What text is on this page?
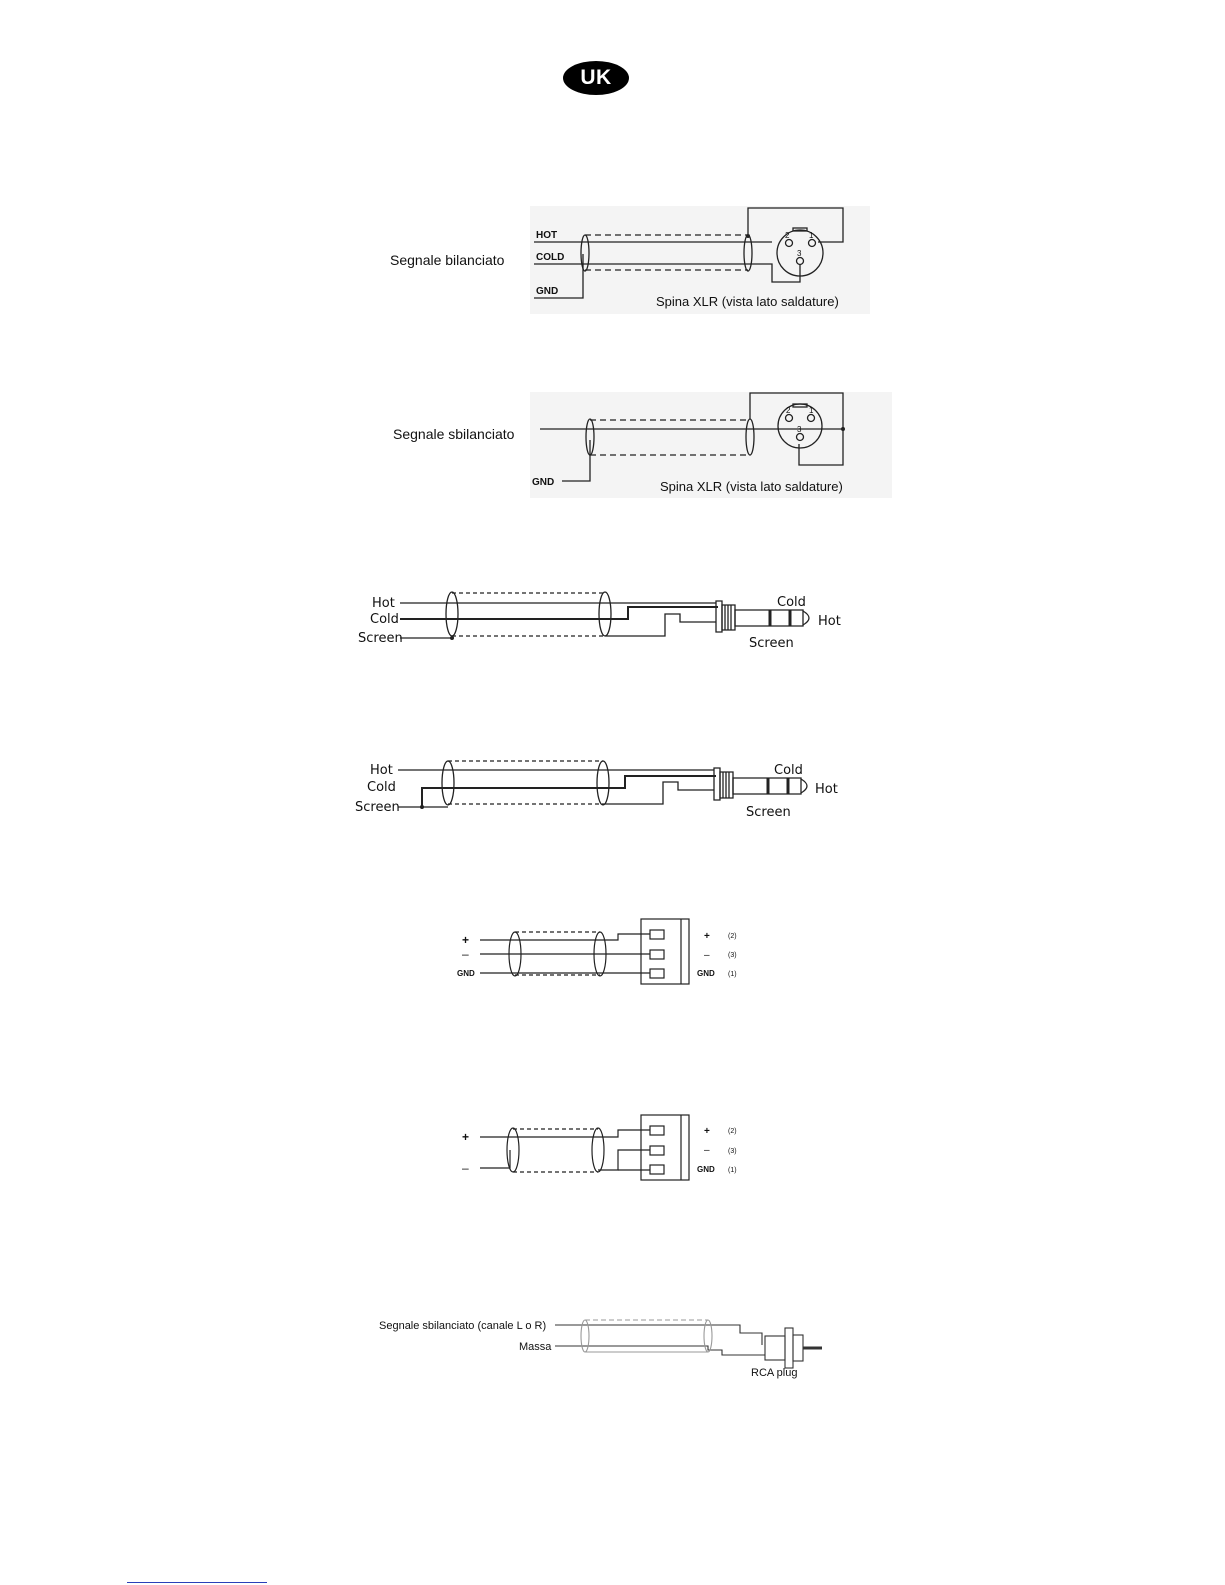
UK
Segnale bilanciato
HOT
COLD
GND
1
2
3
Spina XLR (vista lato saldature)
Segnale sbilanciato
GND
1
2
3
Spina XLR (vista lato saldature)
Hot
Cold
Screen
Cold
Hot
Screen
Hot
Cold
Screen
Cold
Hot
Screen
+
–
GND
+
–
GND
(2)
(3)
(1)
+
–
+
–
GND
(2)
(3)
(1)
Segnale sbilanciato (canale L o R)
Massa
RCA plug
